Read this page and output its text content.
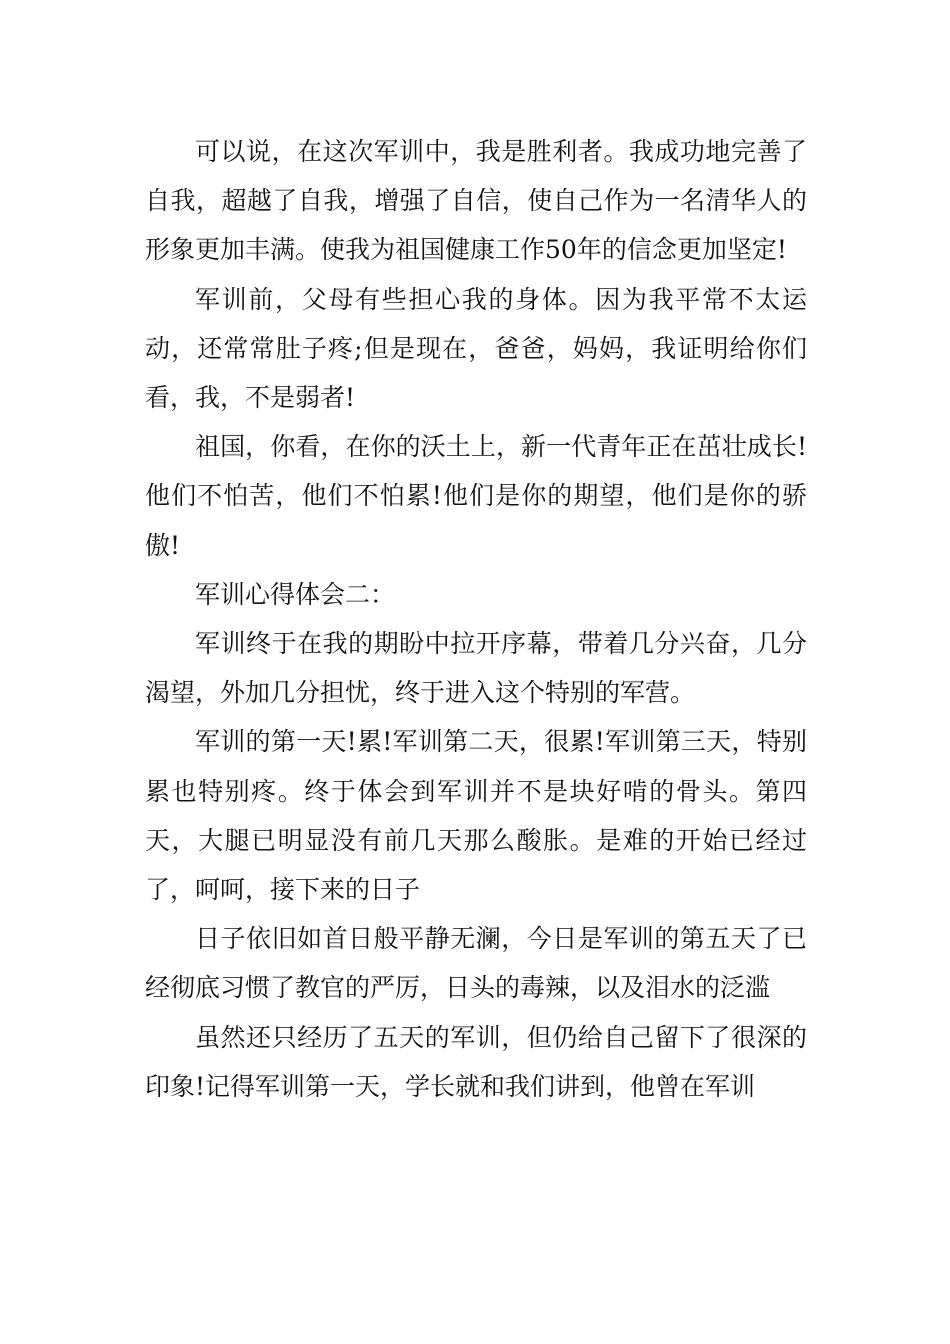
可以说，在这次军训中，我是胜利者。我成功地完善了自我，超越了自我，增强了自信，使自己作为一名清华人的形象更加丰满。使我为祖国健康工作50年的信念更加坚定!

军训前，父母有些担心我的身体。因为我平常不太运动，还常常肚子疼;但是现在，爸爸，妈妈，我证明给你们看，我，不是弱者!

祖国，你看，在你的沃土上，新一代青年正在茁壮成长!他们不怕苦，他们不怕累!他们是你的期望，他们是你的骄傲!

军训心得体会二：

军训终于在我的期盼中拉开序幕，带着几分兴奋，几分渴望，外加几分担忧，终于进入这个特别的军营。

军训的第一天!累!军训第二天，很累!军训第三天，特别累也特别疼。终于体会到军训并不是块好啃的骨头。第四天，大腿已明显没有前几天那么酸胀。是难的开始已经过了，呵呵，接下来的日子

日子依旧如首日般平静无澜，今日是军训的第五天了已经彻底习惯了教官的严厉，日头的毒辣，以及泪水的泛滥

虽然还只经历了五天的军训，但仍给自己留下了很深的印象!记得军训第一天，学长就和我们讲到，他曾在军训
